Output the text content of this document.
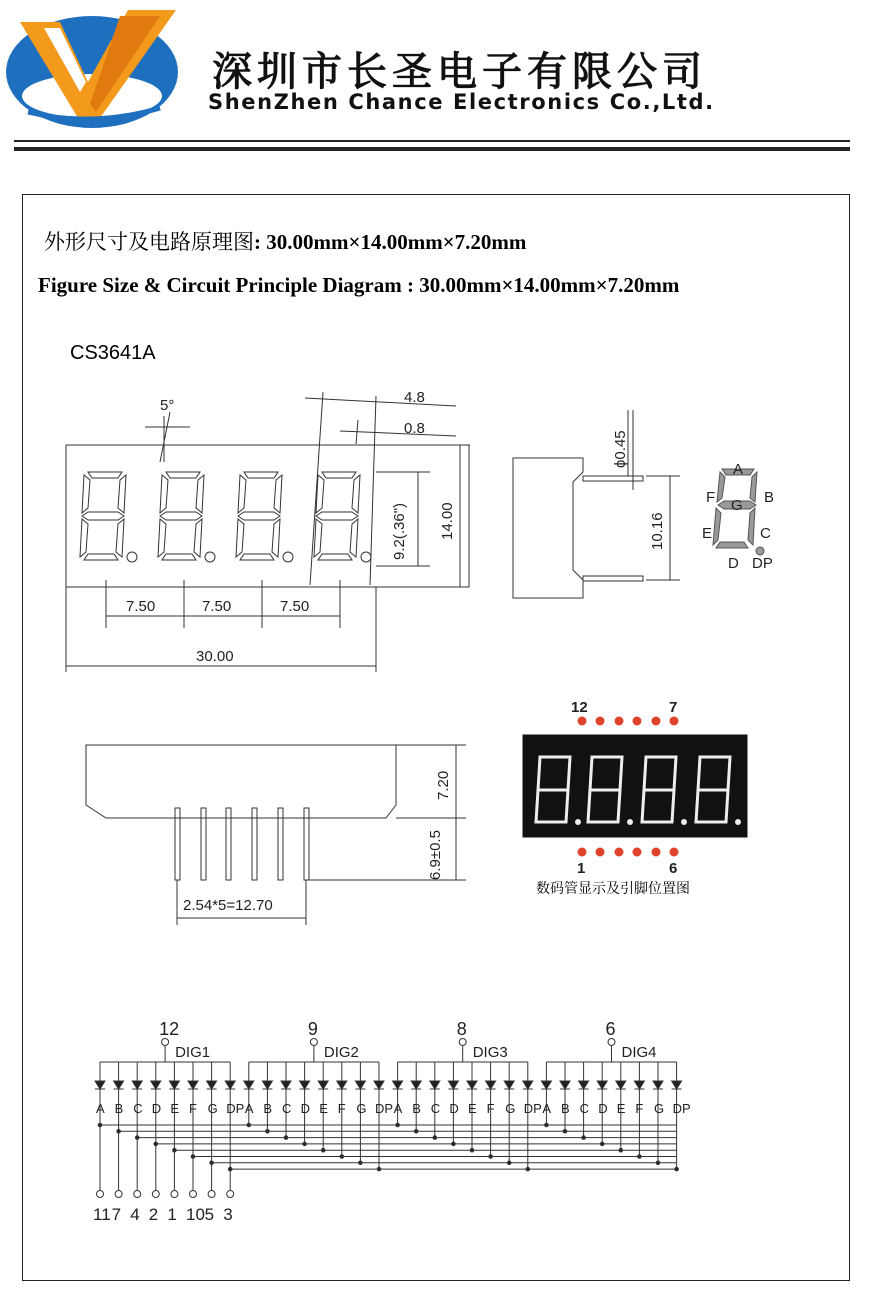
深圳市长圣电子有限公司
ShenZhen Chance Electronics Co.,Ltd.
外形尺寸及电路原理图: 30.00mm×14.00mm×7.20mm
Figure Size & Circuit Principle Diagram : 30.00mm×14.00mm×7.20mm
CS3641A
5°	4.8
0.8
9.2(.36") 14.00
7.50	7.50	7.50
30.00
ϕ0.45
10.16
A
B
C
D
E
F G
DP
7.20
6.9±0.5
2.54*5=12.70
12	7
1	6
数码管显示及引脚位置图
12
DIG1
A B C D E F G DP
9
DIG2
A B C D E F G DP
8
DIG3
A B C D E F G DP
6
DIG4
A B C D E F G DP
11 7 4 2 1 10 5 3
